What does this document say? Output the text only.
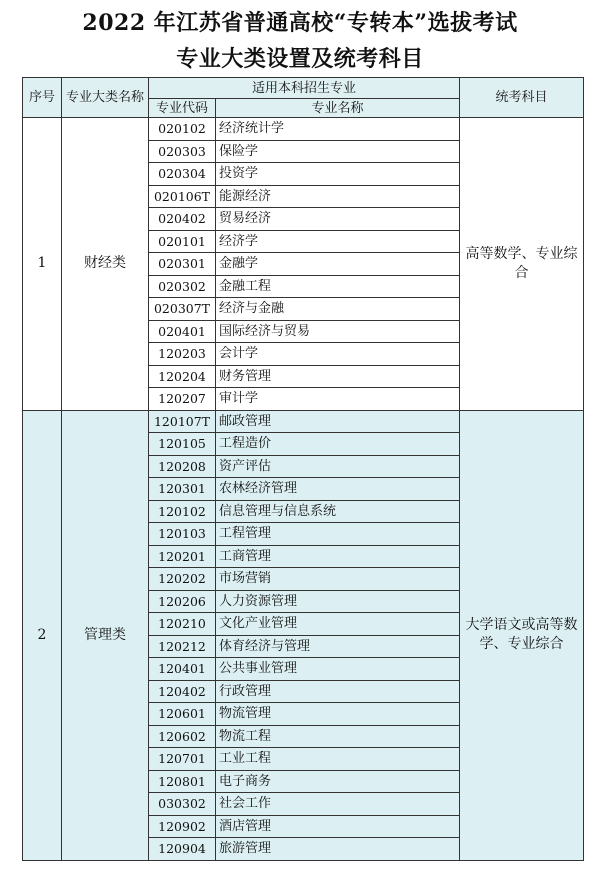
2022 年江苏省普通高校“专转本”选拔考试
专业大类设置及统考科目
序号	专业大类名称	适用本科招生专业		统考科目
		专业代码	专业名称	
1	财经类	020102	经济统计学	高等数学、专业综合
		020303	保险学	
		020304	投资学	
		020106T	能源经济	
		020402	贸易经济	
		020101	经济学	
		020301	金融学	
		020302	金融工程	
		020307T	经济与金融	
		020401	国际经济与贸易	
		120203	会计学	
		120204	财务管理	
		120207	审计学	
2	管理类	120107T	邮政管理	大学语文或高等数学、专业综合
		120105	工程造价	
		120208	资产评估	
		120301	农林经济管理	
		120102	信息管理与信息系统	
		120103	工程管理	
		120201	工商管理	
		120202	市场营销	
		120206	人力资源管理	
		120210	文化产业管理	
		120212	体育经济与管理	
		120401	公共事业管理	
		120402	行政管理	
		120601	物流管理	
		120602	物流工程	
		120701	工业工程	
		120801	电子商务	
		030302	社会工作	
		120902	酒店管理	
		120904	旅游管理	
